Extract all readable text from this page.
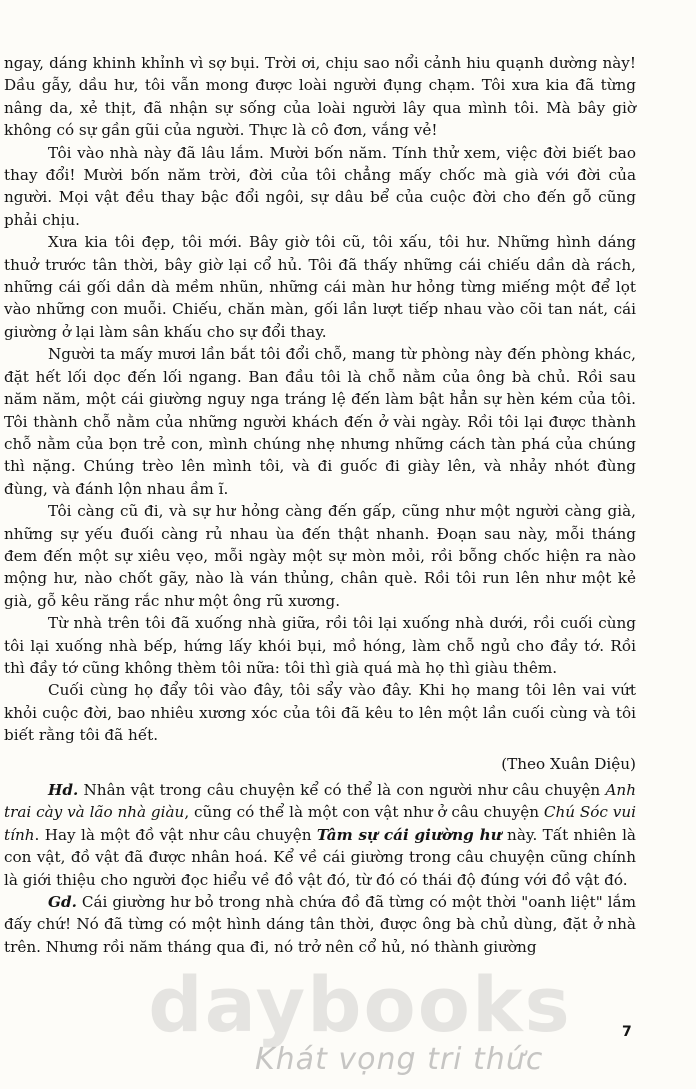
ngay, dáng khinh khỉnh vì sợ bụi. Trời ơi, chịu sao nổi cảnh hiu quạnh dường này! Dầu gẫy, dầu hư, tôi vẫn mong được loài người đụng chạm. Tôi xưa kia đã từng nâng da, xẻ thịt, đã nhận sự sống của loài người lây qua mình tôi. Mà bây giờ không có sự gần gũi của người. Thực là cô đơn, vắng vẻ!

Tôi vào nhà này đã lâu lắm. Mười bốn năm. Tính thử xem, việc đời biết bao thay đổi! Mười bốn năm trời, đời của tôi chẳng mấy chốc mà già với đời của người. Mọi vật đều thay bậc đổi ngôi, sự dâu bể của cuộc đời cho đến gỗ cũng phải chịu.

Xưa kia tôi đẹp, tôi mới. Bây giờ tôi cũ, tôi xấu, tôi hư. Những hình dáng thuở trước tân thời, bây giờ lại cổ hủ. Tôi đã thấy những cái chiếu dần dà rách, những cái gối dần dà mềm nhũn, những cái màn hư hỏng từng miếng một để lọt vào những con muỗi. Chiếu, chăn màn, gối lần lượt tiếp nhau vào cõi tan nát, cái giường ở lại làm sân khấu cho sự đổi thay.

Người ta mấy mươi lần bắt tôi đổi chỗ, mang từ phòng này đến phòng khác, đặt hết lối dọc đến lối ngang. Ban đầu tôi là chỗ nằm của ông bà chủ. Rồi sau năm năm, một cái giường nguy nga tráng lệ đến làm bật hẳn sự hèn kém của tôi. Tôi thành chỗ nằm của những người khách đến ở vài ngày. Rồi tôi lại được thành chỗ nằm của bọn trẻ con, mình chúng nhẹ nhưng những cách tàn phá của chúng thì nặng. Chúng trèo lên mình tôi, và đi guốc đi giày lên, và nhảy nhót đùng đùng, và đánh lộn nhau ầm ĩ.

Tôi càng cũ đi, và sự hư hỏng càng đến gấp, cũng như một người càng già, những sự yếu đuối càng rủ nhau ùa đến thật nhanh. Đoạn sau này, mỗi tháng đem đến một sự xiêu vẹo, mỗi ngày một sự mòn mỏi, rồi bỗng chốc hiện ra nào mộng hư, nào chốt gãy, nào là ván thủng, chân què. Rồi tôi run lên như một kẻ già, gỗ kêu răng rắc như một ông rũ xương.

Từ nhà trên tôi đã xuống nhà giữa, rồi tôi lại xuống nhà dưới, rồi cuối cùng tôi lại xuống nhà bếp, hứng lấy khói bụi, mồ hóng, làm chỗ ngủ cho đầy tớ. Rồi thì đầy tớ cũng không thèm tôi nữa: tôi thì già quá mà họ thì giàu thêm.

Cuối cùng họ đẩy tôi vào đây, tôi sẩy vào đây. Khi họ mang tôi lên vai vứt khỏi cuộc đời, bao nhiêu xương xóc của tôi đã kêu to lên một lần cuối cùng và tôi biết rằng tôi đã hết.

(Theo Xuân Diệu)

Hd. Nhân vật trong câu chuyện kể có thể là con người như câu chuyện Anh trai cày và lão nhà giàu, cũng có thể là một con vật như ở câu chuyện Chú Sóc vui tính. Hay là một đồ vật như câu chuyện Tâm sự cái giường hư này. Tất nhiên là con vật, đồ vật đã được nhân hoá. Kể về cái giường trong câu chuyện cũng chính là giới thiệu cho người đọc hiểu về đồ vật đó, từ đó có thái độ đúng với đồ vật đó.

Gd. Cái giường hư bỏ trong nhà chứa đồ đã từng có một thời "oanh liệt" lắm đấy chứ! Nó đã từng có một hình dáng tân thời, được ông bà chủ dùng, đặt ở nhà trên. Nhưng rồi năm tháng qua đi, nó trở nên cổ hủ, nó thành giường

daybooks
Khát vọng tri thức
7
